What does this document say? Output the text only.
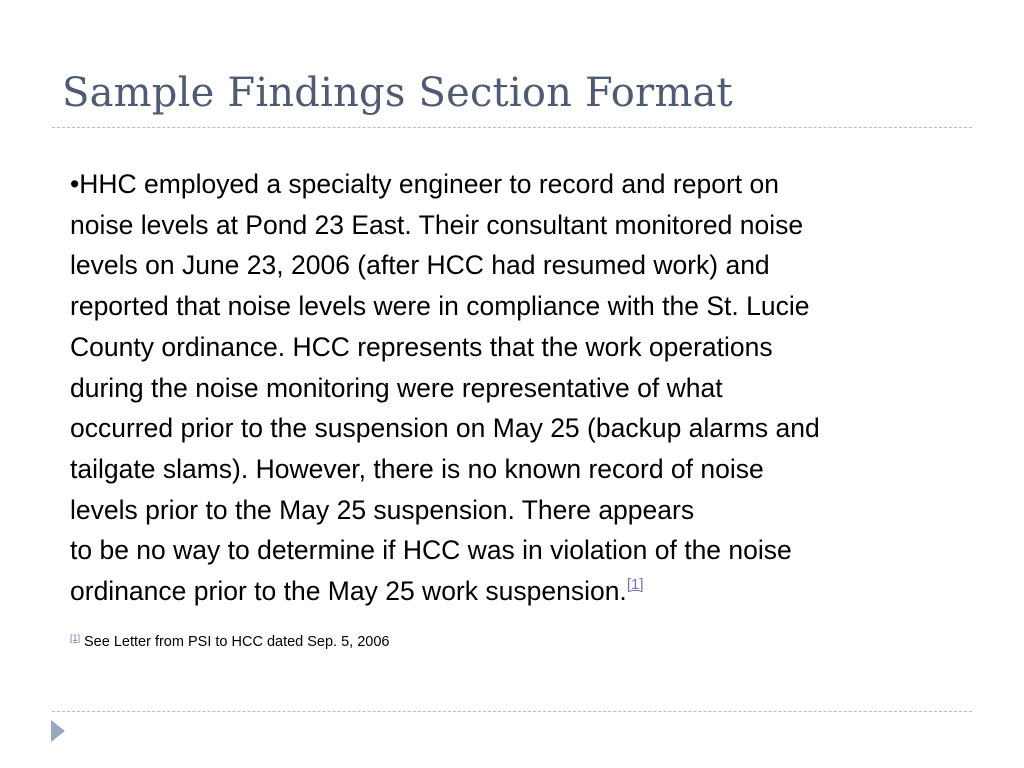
Sample Findings Section Format
•HHC employed a specialty engineer to record and report on
noise levels at Pond 23 East. Their consultant monitored noise
levels on June 23, 2006 (after HCC had resumed work) and
reported that noise levels were in compliance with the St. Lucie
County ordinance. HCC represents that the work operations
during the noise monitoring were representative of what
occurred prior to the suspension on May 25 (backup alarms and
tailgate slams). However, there is no known record of noise
levels prior to the May 25 suspension. There appears
to be no way to determine if HCC was in violation of the noise
ordinance prior to the May 25 work suspension.[1]
[1] See Letter from PSI to HCC dated Sep. 5, 2006
